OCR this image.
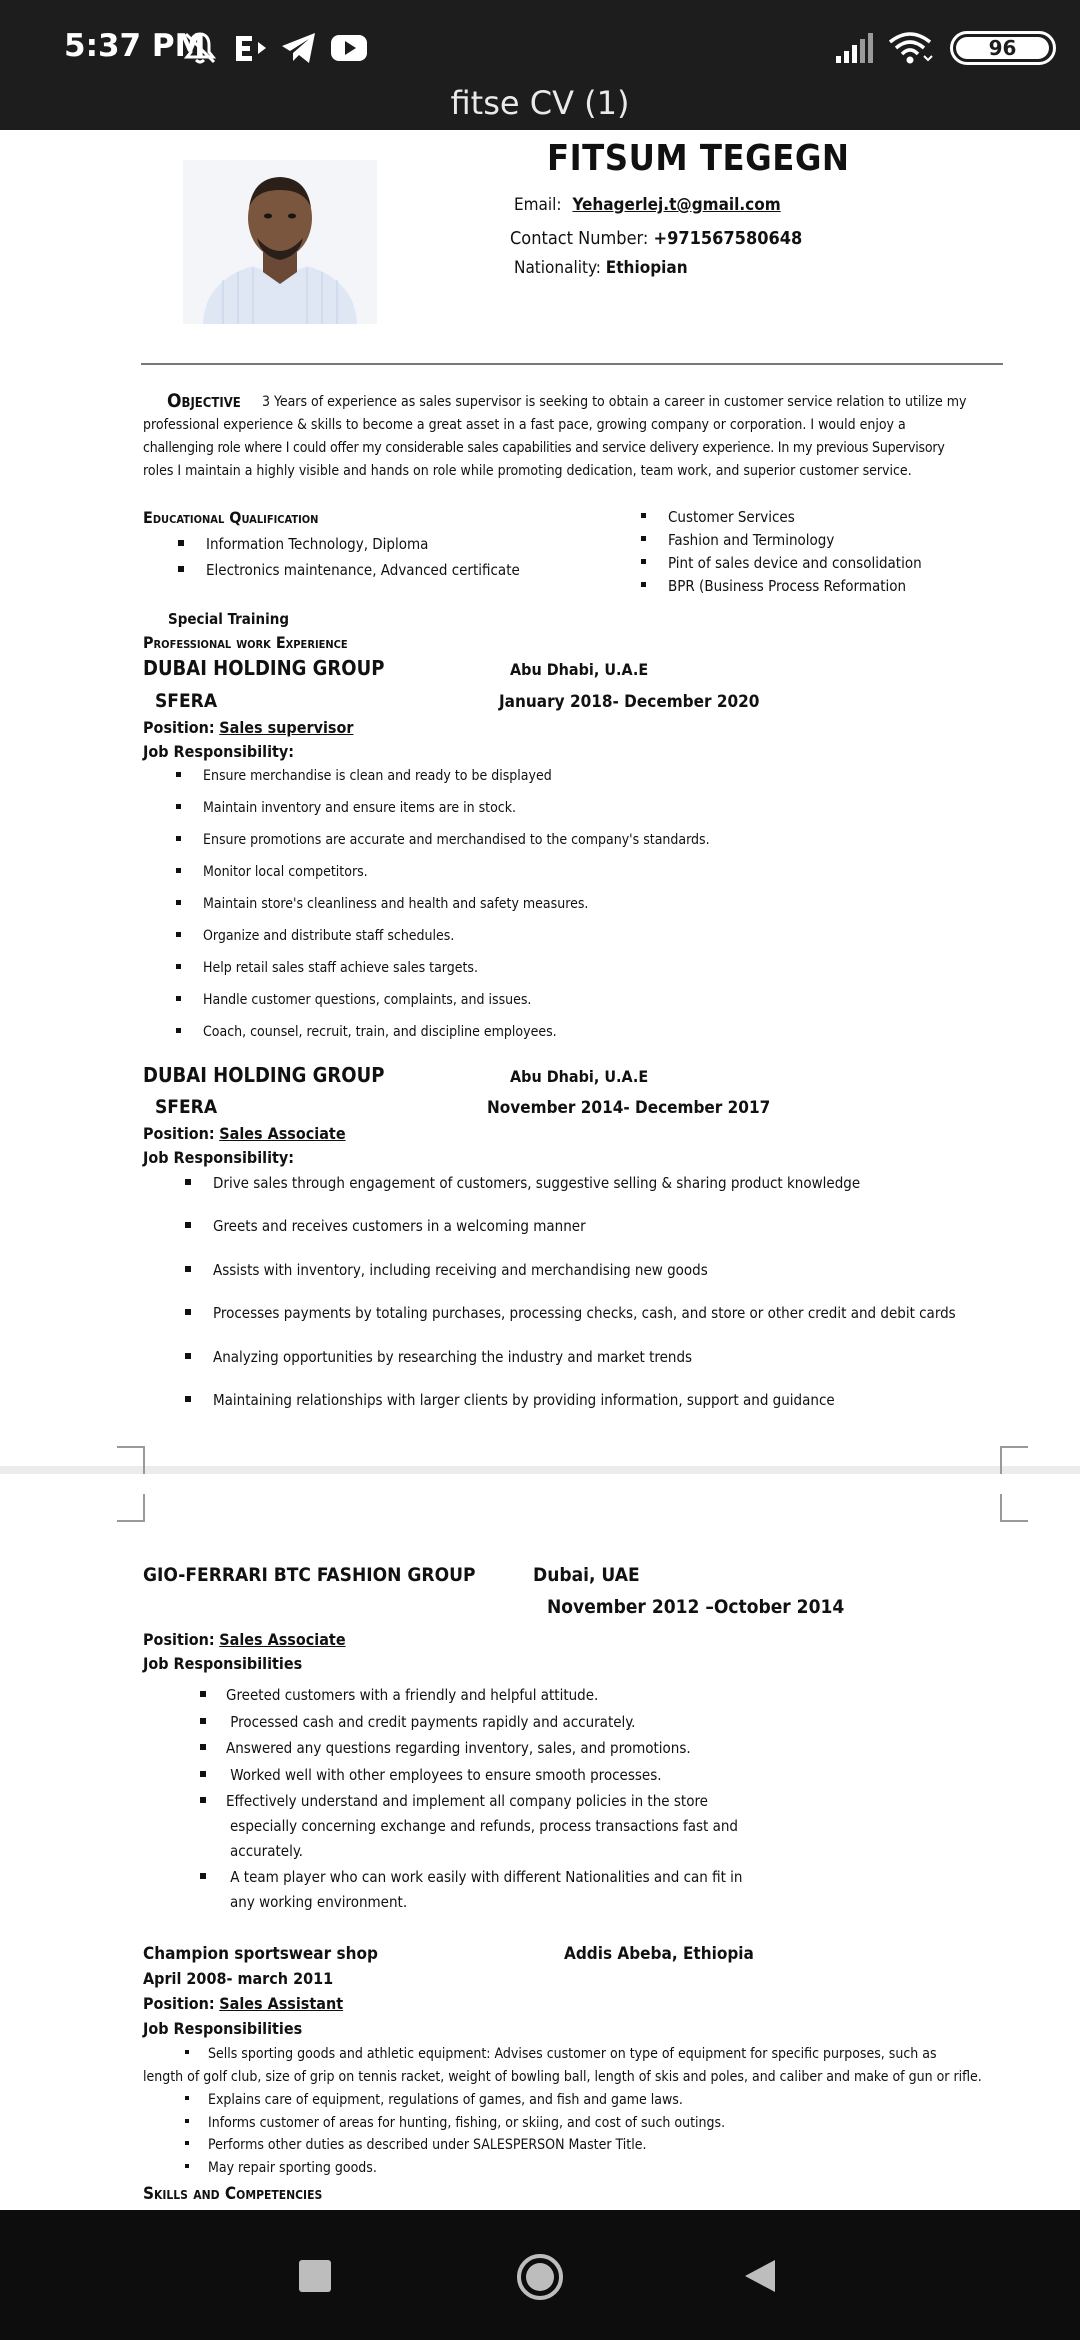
5:37 PM	96
fitse CV (1)
FITSUM TEGEGN
Email: Yehagerlej.t@gmail.com
Contact Number: +971567580648
Nationality: Ethiopian
Objective 3 Years of experience as sales supervisor is seeking to obtain a career in customer service relation to utilize my
professional experience & skills to become a great asset in a fast pace, growing company or corporation. I would enjoy a
challenging role where I could offer my considerable sales capabilities and service delivery experience. In my previous Supervisory
roles I maintain a highly visible and hands on role while promoting dedication, team work, and superior customer service.
Educational Qualification
Information Technology, Diploma
Electronics maintenance, Advanced certificate
Customer Services
Fashion and Terminology
Pint of sales device and consolidation
BPR (Business Process Reformation
Special Training
Professional work Experience
DUBAI HOLDING GROUP	Abu Dhabi, U.A.E
SFERA	January 2018- December 2020
Position: Sales supervisor
Job Responsibility:
Ensure merchandise is clean and ready to be displayed
Maintain inventory and ensure items are in stock.
Ensure promotions are accurate and merchandised to the company's standards.
Monitor local competitors.
Maintain store's cleanliness and health and safety measures.
Organize and distribute staff schedules.
Help retail sales staff achieve sales targets.
Handle customer questions, complaints, and issues.
Coach, counsel, recruit, train, and discipline employees.
DUBAI HOLDING GROUP	Abu Dhabi, U.A.E
SFERA	November 2014- December 2017
Position: Sales Associate
Job Responsibility:
Drive sales through engagement of customers, suggestive selling & sharing product knowledge
Greets and receives customers in a welcoming manner
Assists with inventory, including receiving and merchandising new goods
Processes payments by totaling purchases, processing checks, cash, and store or other credit and debit cards
Analyzing opportunities by researching the industry and market trends
Maintaining relationships with larger clients by providing information, support and guidance
GIO-FERRARI BTC FASHION GROUP	Dubai, UAE
November 2012 –October 2014
Position: Sales Associate
Job Responsibilities
Greeted customers with a friendly and helpful attitude.
Processed cash and credit payments rapidly and accurately.
Answered any questions regarding inventory, sales, and promotions.
Worked well with other employees to ensure smooth processes.
Effectively understand and implement all company policies in the store
especially concerning exchange and refunds, process transactions fast and
accurately.
A team player who can work easily with different Nationalities and can fit in
any working environment.
Champion sportswear shop	Addis Abeba, Ethiopia
April 2008- march 2011
Position: Sales Assistant
Job Responsibilities
Sells sporting goods and athletic equipment: Advises customer on type of equipment for specific purposes, such as
length of golf club, size of grip on tennis racket, weight of bowling ball, length of skis and poles, and caliber and make of gun or rifle.
Explains care of equipment, regulations of games, and fish and game laws.
Informs customer of areas for hunting, fishing, or skiing, and cost of such outings.
Performs other duties as described under SALESPERSON Master Title.
May repair sporting goods.
Skills and Competencies
